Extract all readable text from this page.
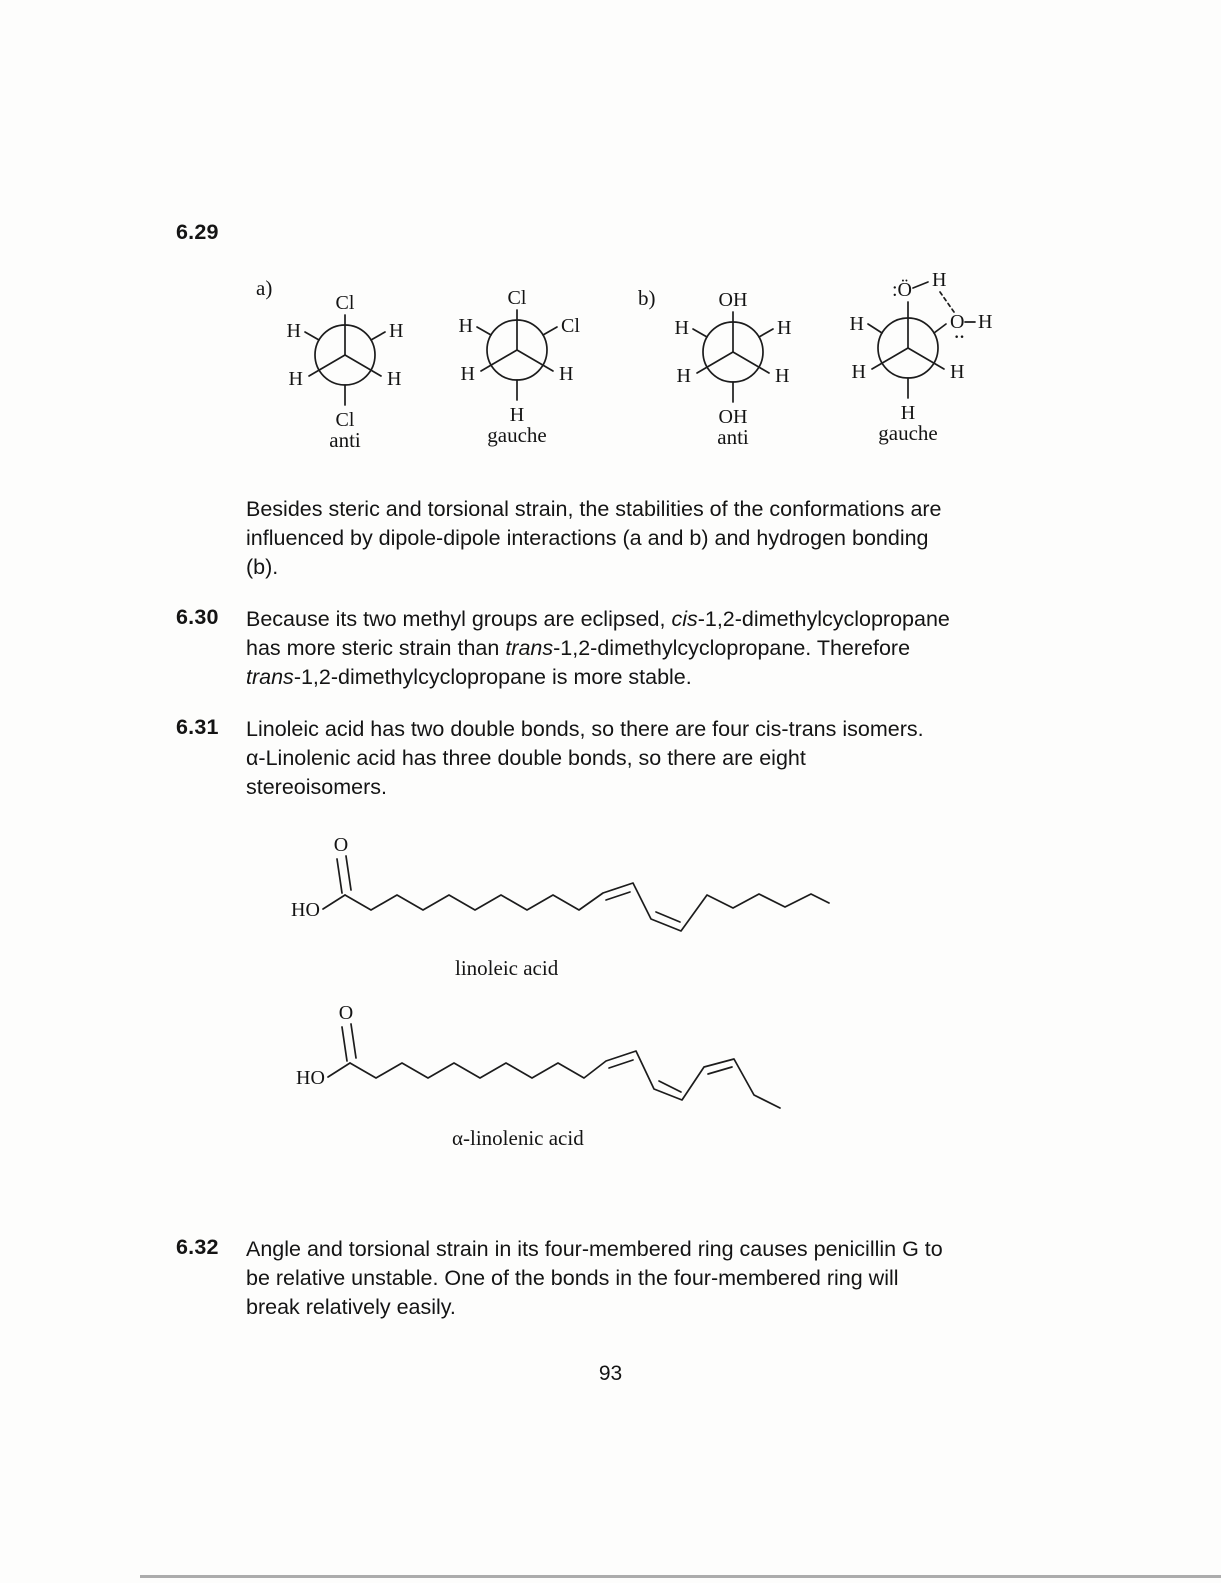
6.29
a)	b)
Cl
H	H
H	H
Cl
anti
Cl
H	Cl
H	H
H
gauche
OH
H	H
H	H
OH
anti
:Ö H
O H
··
H
H	H
H
gauche
Besides steric and torsional strain, the stabilities of the conformations are
influenced by dipole-dipole interactions (a and b) and hydrogen bonding
(b).
6.30 Because its two methyl groups are eclipsed, cis-1,2-dimethylcyclopropane
has more steric strain than trans-1,2-dimethylcyclopropane. Therefore
trans-1,2-dimethylcyclopropane is more stable.
6.31 Linoleic acid has two double bonds, so there are four cis-trans isomers.
α-Linolenic acid has three double bonds, so there are eight
stereoisomers.
O
HO
linoleic acid
O
HO
α-linolenic acid
6.32 Angle and torsional strain in its four-membered ring causes penicillin G to
be relative unstable. One of the bonds in the four-membered ring will
break relatively easily.
93
